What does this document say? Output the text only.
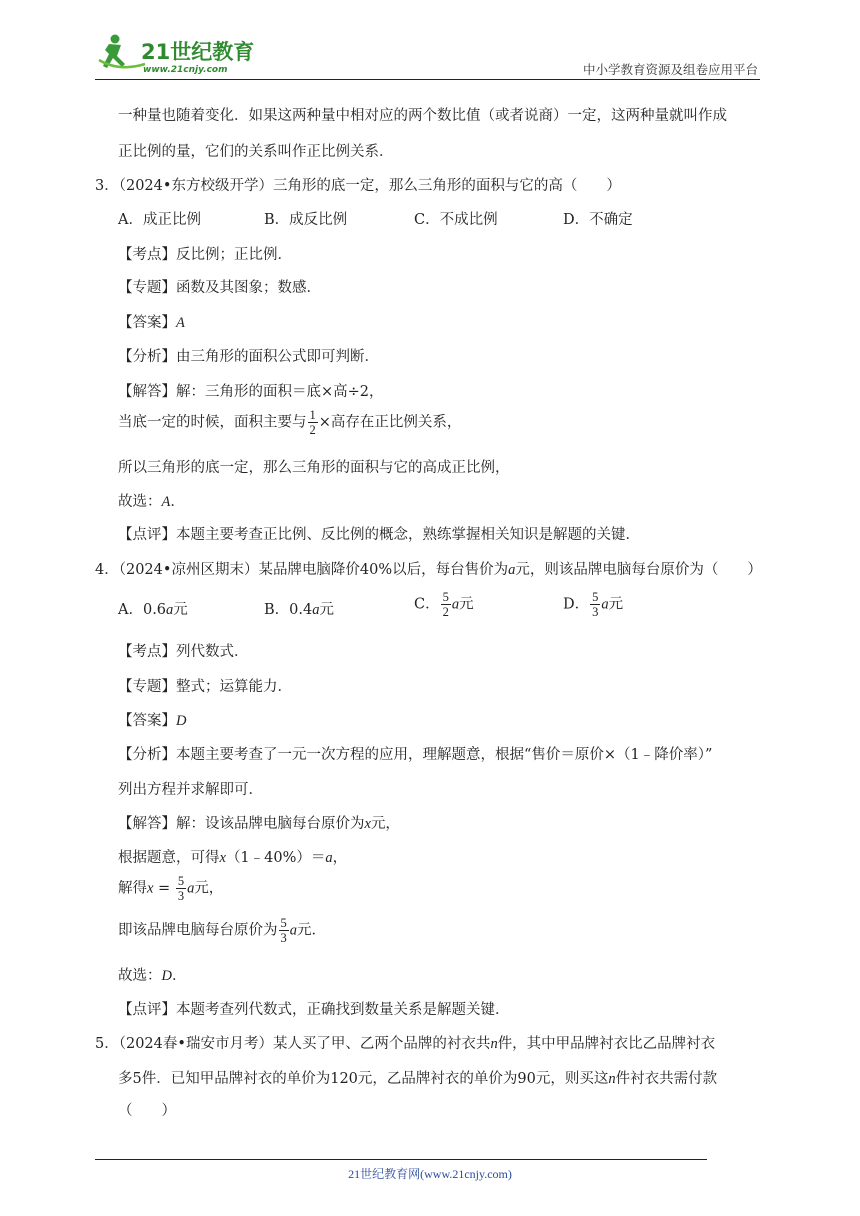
21世纪教育
www.21cnjy.com	中小学教育资源及组卷应用平台
一种量也随着变化．如果这两种量中相对应的两个数比值（或者说商）一定，这两种量就叫作成
正比例的量，它们的关系叫作正比例关系．
3．（2024•东方校级开学）三角形的底一定，那么三角形的面积与它的高（　　）
A．成正比例	B．成反比例	C．不成比例	D．不确定
【考点】反比例；正比例．
【专题】函数及其图象；数感．
【答案】A
【分析】由三角形的面积公式即可判断．
【解答】解：三角形的面积＝底×高÷2，
当底一定的时候，面积主要与 $\frac{1}{2}$ ×高存在正比例关系，
所以三角形的底一定，那么三角形的面积与它的高成正比例，
故选：A．
【点评】本题主要考查正比例、反比例的概念，熟练掌握相关知识是解题的关键．
4．（2024•凉州区期末）某品牌电脑降价40%以后，每台售价为a元，则该品牌电脑每台原价为（　　）
A．0.6a元	B．0.4a元	C． $\frac{5}{2}$ a元	D． $\frac{5}{3}$ a元
【考点】列代数式．
【专题】整式；运算能力．
【答案】D
【分析】本题主要考查了一元一次方程的应用，理解题意，根据“售价＝原价×（1﹣降价率）”
列出方程并求解即可．
【解答】解：设该品牌电脑每台原价为x元，
根据题意，可得x（1﹣40%）＝a，
解得$x = \frac{5}{3}$ a元，
即该品牌电脑每台原价为 $\frac{5}{3}$ a元．
故选：D．
【点评】本题考查列代数式，正确找到数量关系是解题关键．
5．（2024春•瑞安市月考）某人买了甲、乙两个品牌的衬衣共n件，其中甲品牌衬衣比乙品牌衬衣
多5件．已知甲品牌衬衣的单价为120元，乙品牌衬衣的单价为90元，则买这n件衬衣共需付款
（　　）
21世纪教育网(www.21cnjy.com)
